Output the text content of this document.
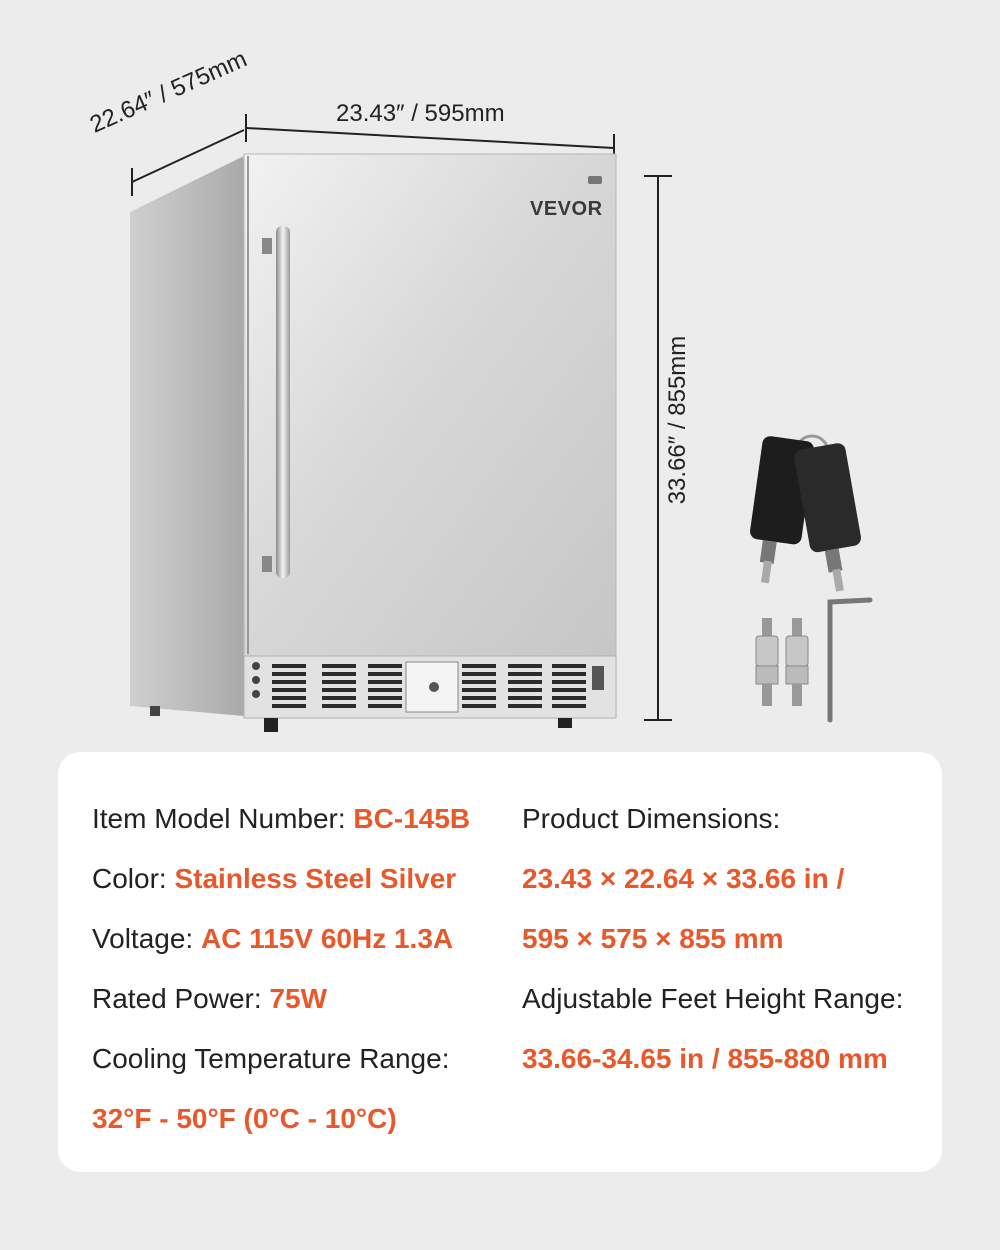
23.43″ / 595mm
22.64″ / 575mm
33.66″ / 855mm
VEVOR
Item Model Number: BC-145B
Color: Stainless Steel Silver
Voltage: AC 115V 60Hz 1.3A
Rated Power: 75W
Cooling Temperature Range:
32°F - 50°F (0°C - 10°C)
Product Dimensions:
23.43 × 22.64 × 33.66 in /
595 × 575 × 855 mm
Adjustable Feet Height Range:
33.66-34.65 in / 855-880 mm
